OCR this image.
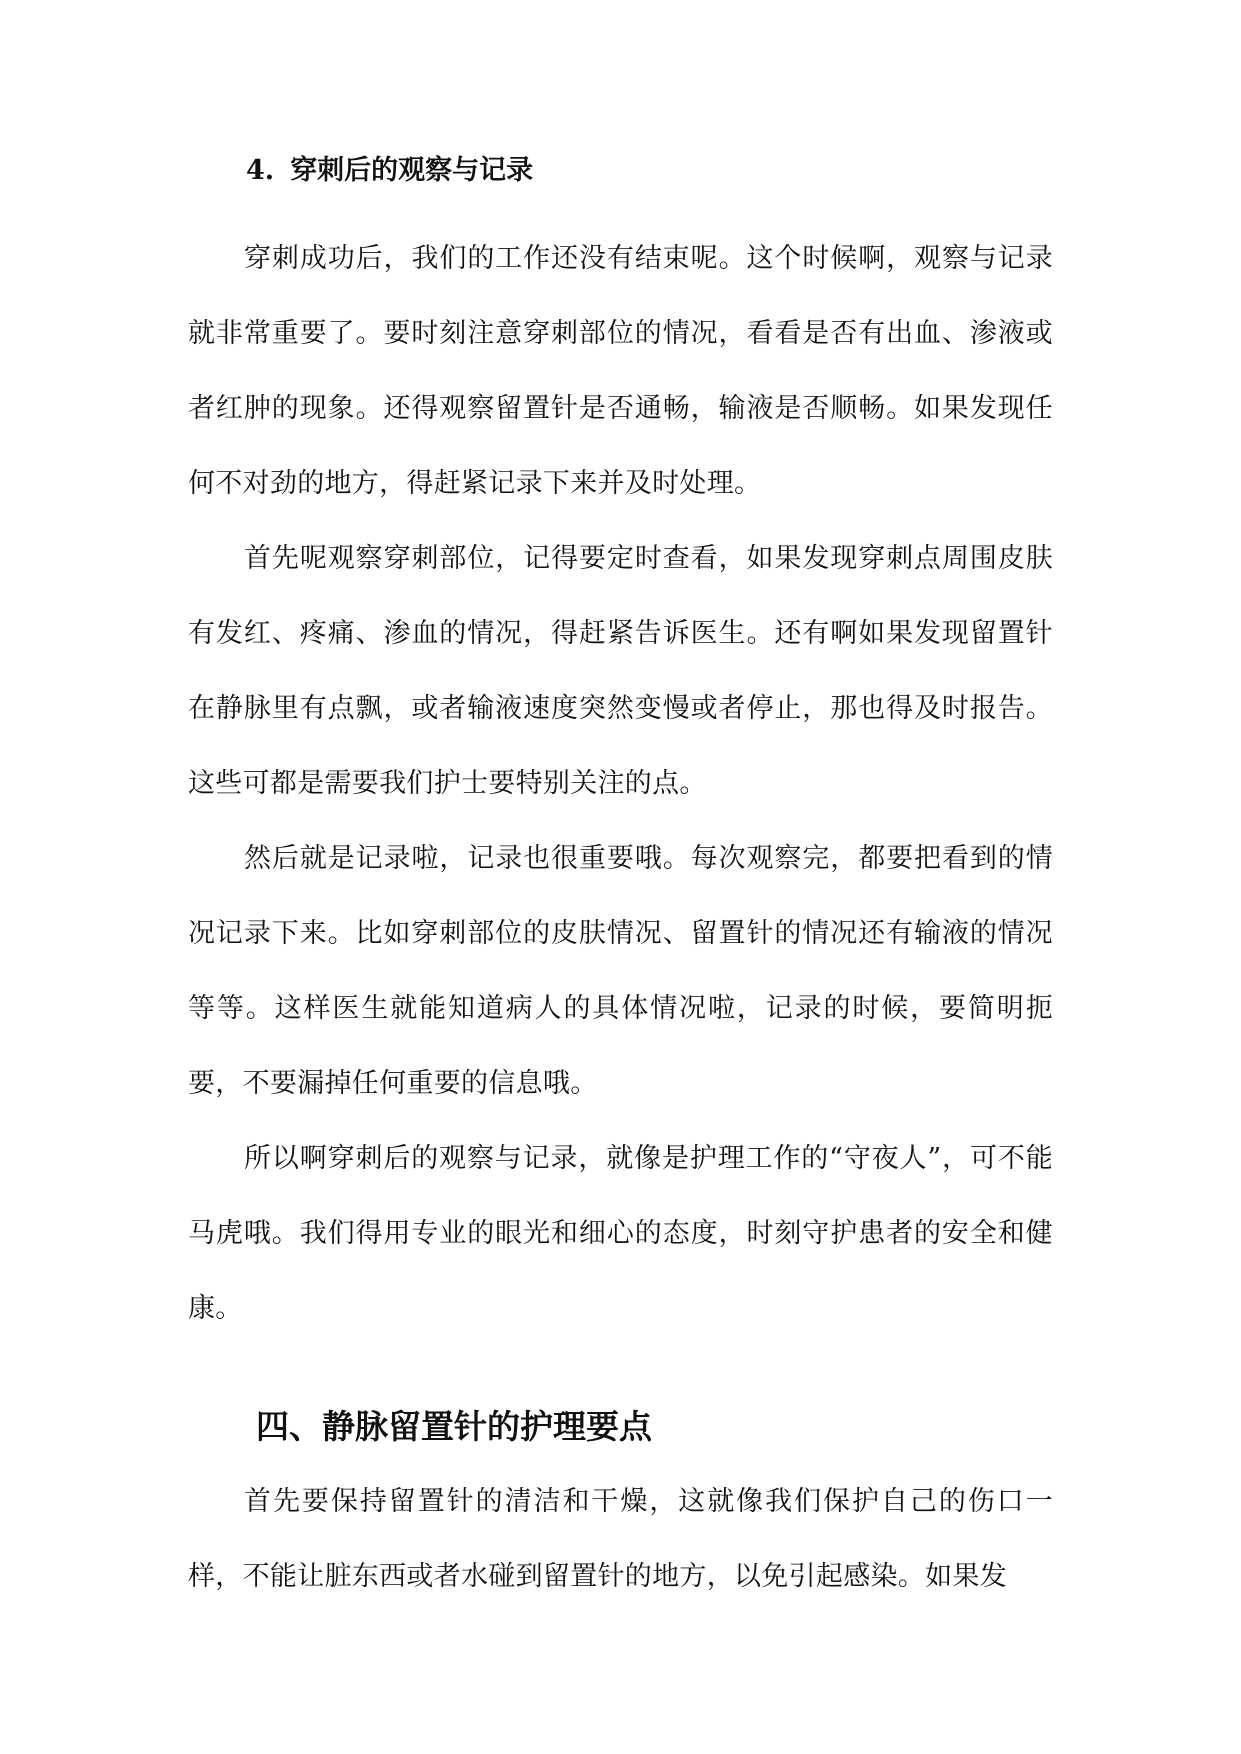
4. 穿刺后的观察与记录

穿刺成功后，我们的工作还没有结束呢。这个时候啊，观察与记录就非常重要了。要时刻注意穿刺部位的情况，看看是否有出血、渗液或者红肿的现象。还得观察留置针是否通畅，输液是否顺畅。如果发现任何不对劲的地方，得赶紧记录下来并及时处理。

首先呢观察穿刺部位，记得要定时查看，如果发现穿刺点周围皮肤有发红、疼痛、渗血的情况，得赶紧告诉医生。还有啊如果发现留置针在静脉里有点飘，或者输液速度突然变慢或者停止，那也得及时报告。这些可都是需要我们护士要特别关注的点。

然后就是记录啦，记录也很重要哦。每次观察完，都要把看到的情况记录下来。比如穿刺部位的皮肤情况、留置针的情况还有输液的情况等等。这样医生就能知道病人的具体情况啦，记录的时候，要简明扼要，不要漏掉任何重要的信息哦。

所以啊穿刺后的观察与记录，就像是护理工作的“守夜人”，可不能马虎哦。我们得用专业的眼光和细心的态度，时刻守护患者的安全和健康。

四、静脉留置针的护理要点

首先要保持留置针的清洁和干燥，这就像我们保护自己的伤口一样，不能让脏东西或者水碰到留置针的地方，以免引起感染。如果发
